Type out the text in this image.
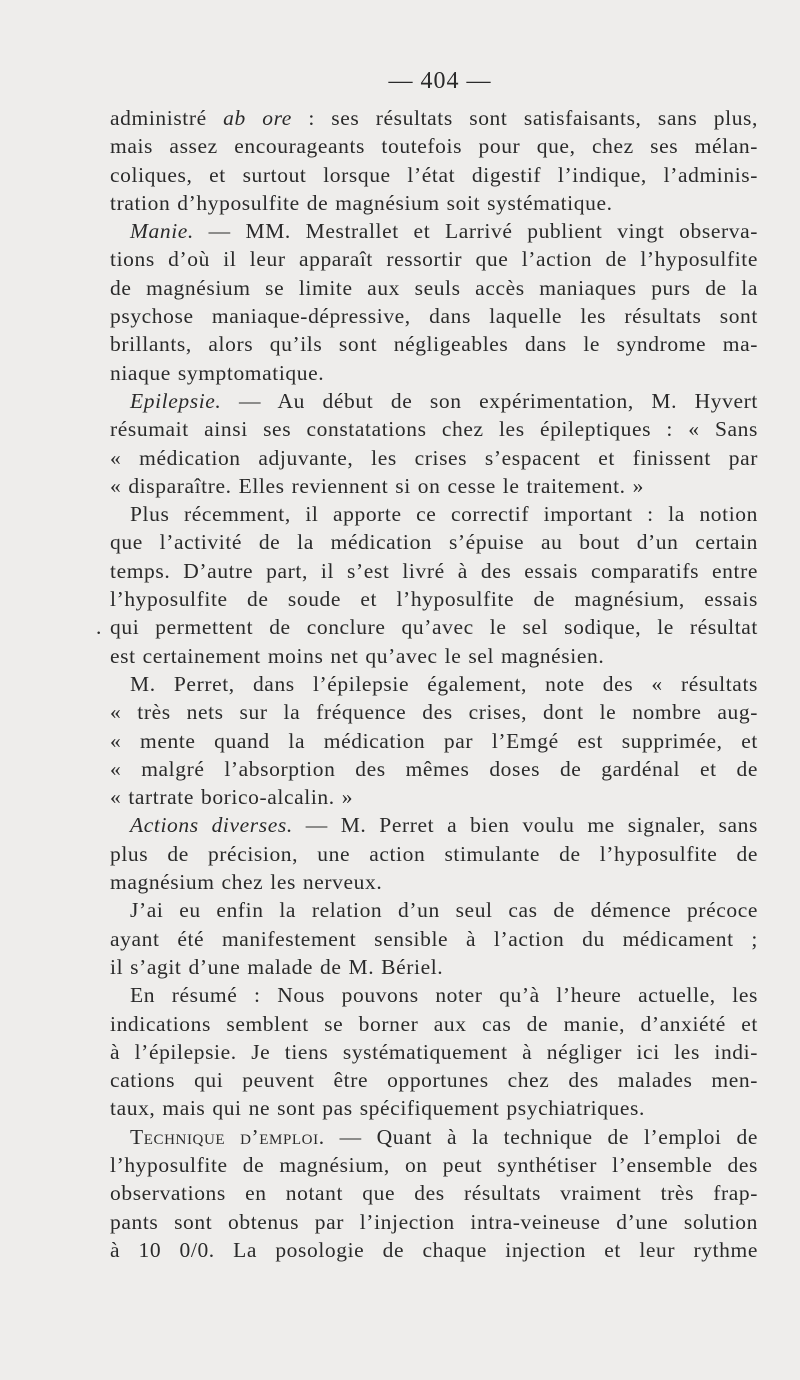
— 404 —
administré ab ore : ses résultats sont satisfaisants, sans plus,
mais assez encourageants toutefois pour que, chez ses mélan-
coliques, et surtout lorsque l’état digestif l’indique, l’adminis-
tration d’hyposulfite de magnésium soit systématique.
Manie. — MM. Mestrallet et Larrivé publient vingt observa-
tions d’où il leur apparaît ressortir que l’action de l’hyposulfite
de magnésium se limite aux seuls accès maniaques purs de la
psychose maniaque-dépressive, dans laquelle les résultats sont
brillants, alors qu’ils sont négligeables dans le syndrome ma-
niaque symptomatique.
Epilepsie. — Au début de son expérimentation, M. Hyvert
résumait ainsi ses constatations chez les épileptiques : « Sans
« médication adjuvante, les crises s’espacent et finissent par
« disparaître. Elles reviennent si on cesse le traitement. »
Plus récemment, il apporte ce correctif important : la notion
que l’activité de la médication s’épuise au bout d’un certain
temps. D’autre part, il s’est livré à des essais comparatifs entre
l’hyposulfite de soude et l’hyposulfite de magnésium, essais
. qui permettent de conclure qu’avec le sel sodique, le résultat
est certainement moins net qu’avec le sel magnésien.
M. Perret, dans l’épilepsie également, note des « résultats
« très nets sur la fréquence des crises, dont le nombre aug-
« mente quand la médication par l’Emgé est supprimée, et
« malgré l’absorption des mêmes doses de gardénal et de
« tartrate borico-alcalin. »
Actions diverses. — M. Perret a bien voulu me signaler, sans
plus de précision, une action stimulante de l’hyposulfite de
magnésium chez les nerveux.
J’ai eu enfin la relation d’un seul cas de démence précoce
ayant été manifestement sensible à l’action du médicament ;
il s’agit d’une malade de M. Bériel.
En résumé : Nous pouvons noter qu’à l’heure actuelle, les
indications semblent se borner aux cas de manie, d’anxiété et
à l’épilepsie. Je tiens systématiquement à négliger ici les indi-
cations qui peuvent être opportunes chez des malades men-
taux, mais qui ne sont pas spécifiquement psychiatriques.
Technique d’emploi. — Quant à la technique de l’emploi de
l’hyposulfite de magnésium, on peut synthétiser l’ensemble des
observations en notant que des résultats vraiment très frap-
pants sont obtenus par l’injection intra-veineuse d’une solution
à 10 0/0. La posologie de chaque injection et leur rythme
